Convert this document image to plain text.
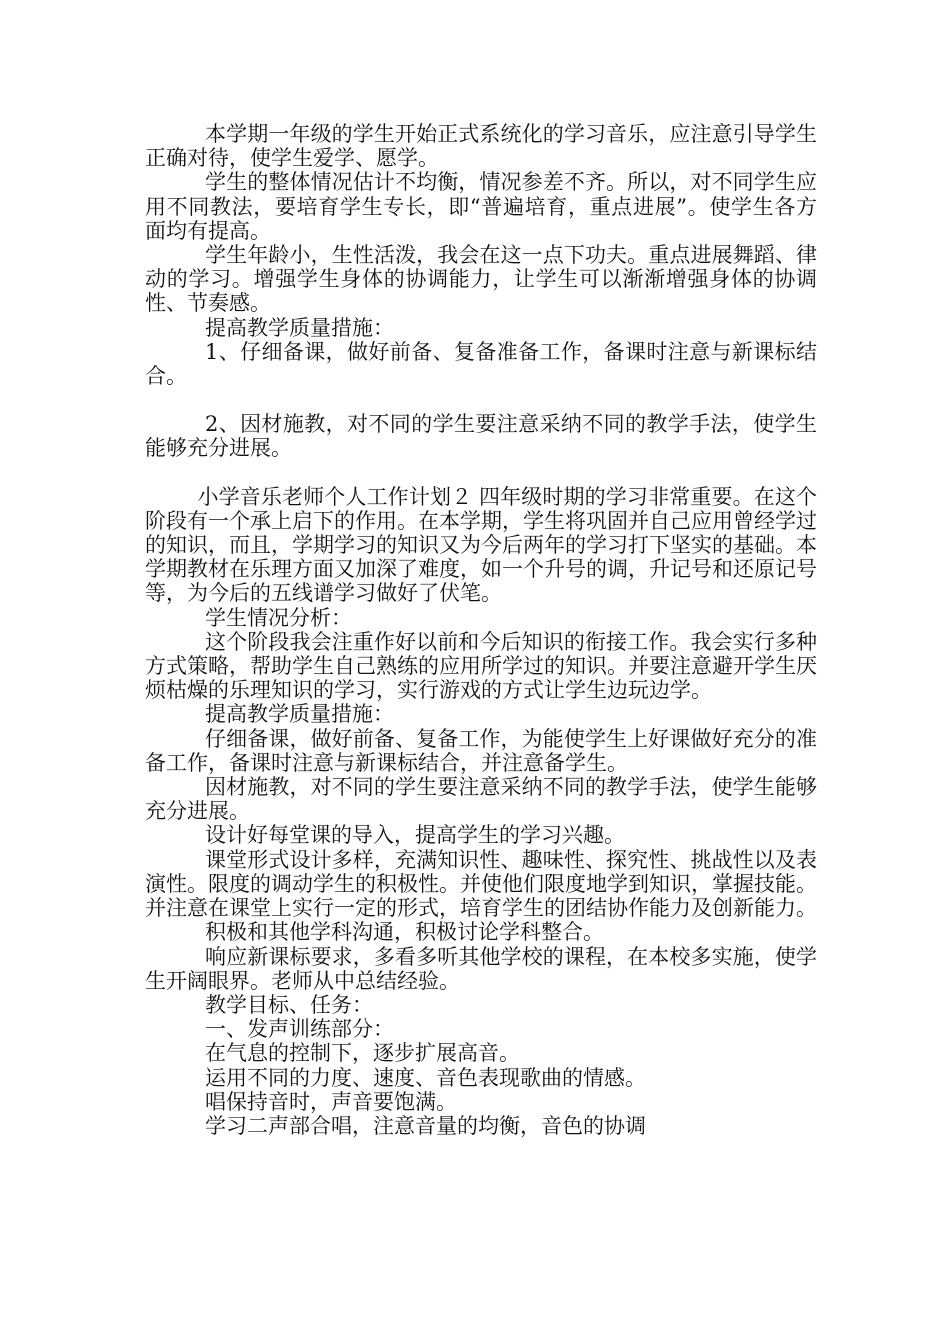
本学期一年级的学生开始正式系统化的学习音乐，应注意引导学生正确对待，使学生爱学、愿学。

学生的整体情况估计不均衡，情况参差不齐。所以，对不同学生应用不同教法，要培育学生专长，即“普遍培育，重点进展”。使学生各方面均有提高。

学生年龄小，生性活泼，我会在这一点下功夫。重点进展舞蹈、律动的学习。增强学生身体的协调能力，让学生可以渐渐增强身体的协调性、节奏感。

提高教学质量措施：

1、仔细备课，做好前备、复备准备工作，备课时注意与新课标结合。

2、因材施教，对不同的学生要注意采纳不同的教学手法，使学生能够充分进展。

小学音乐老师个人工作计划２ 四年级时期的学习非常重要。在这个阶段有一个承上启下的作用。在本学期，学生将巩固并自己应用曾经学过的知识，而且，学期学习的知识又为今后两年的学习打下坚实的基础。本学期教材在乐理方面又加深了难度，如一个升号的调，升记号和还原记号等，为今后的五线谱学习做好了伏笔。

学生情况分析：

这个阶段我会注重作好以前和今后知识的衔接工作。我会实行多种方式策略，帮助学生自己熟练的应用所学过的知识。并要注意避开学生厌烦枯燥的乐理知识的学习，实行游戏的方式让学生边玩边学。

提高教学质量措施：

仔细备课，做好前备、复备工作，为能使学生上好课做好充分的准备工作，备课时注意与新课标结合，并注意备学生。

因材施教，对不同的学生要注意采纳不同的教学手法，使学生能够充分进展。

设计好每堂课的导入，提高学生的学习兴趣。

课堂形式设计多样，充满知识性、趣味性、探究性、挑战性以及表演性。限度的调动学生的积极性。并使他们限度地学到知识，掌握技能。并注意在课堂上实行一定的形式，培育学生的团结协作能力及创新能力。

积极和其他学科沟通，积极讨论学科整合。

响应新课标要求，多看多听其他学校的课程，在本校多实施，使学生开阔眼界。老师从中总结经验。

教学目标、任务：

一、发声训练部分：

在气息的控制下，逐步扩展高音。

运用不同的力度、速度、音色表现歌曲的情感。

唱保持音时，声音要饱满。

学习二声部合唱，注意音量的均衡，音色的协调
